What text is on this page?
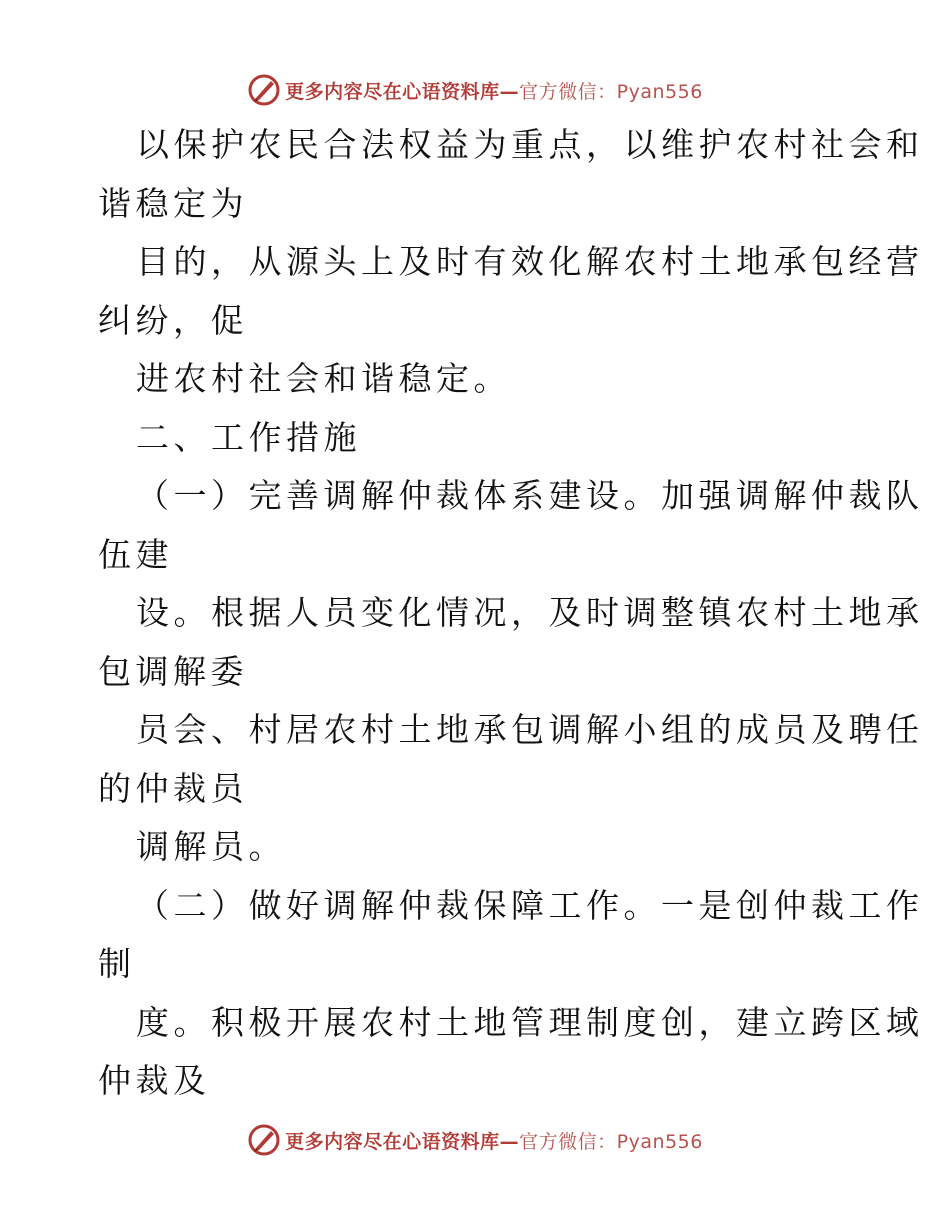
更多内容尽在心语资料库—官方微信：Pyan556
以保护农民合法权益为重点，以维护农村社会和
谐稳定为
目的，从源头上及时有效化解农村土地承包经营
纠纷，促
进农村社会和谐稳定。
二、工作措施
（一）完善调解仲裁体系建设。加强调解仲裁队
伍建
设。根据人员变化情况，及时调整镇农村土地承
包调解委
员会、村居农村土地承包调解小组的成员及聘任
的仲裁员
调解员。
（二）做好调解仲裁保障工作。一是创仲裁工作
制
度。积极开展农村土地管理制度创，建立跨区域
仲裁及
更多内容尽在心语资料库—官方微信：Pyan556
